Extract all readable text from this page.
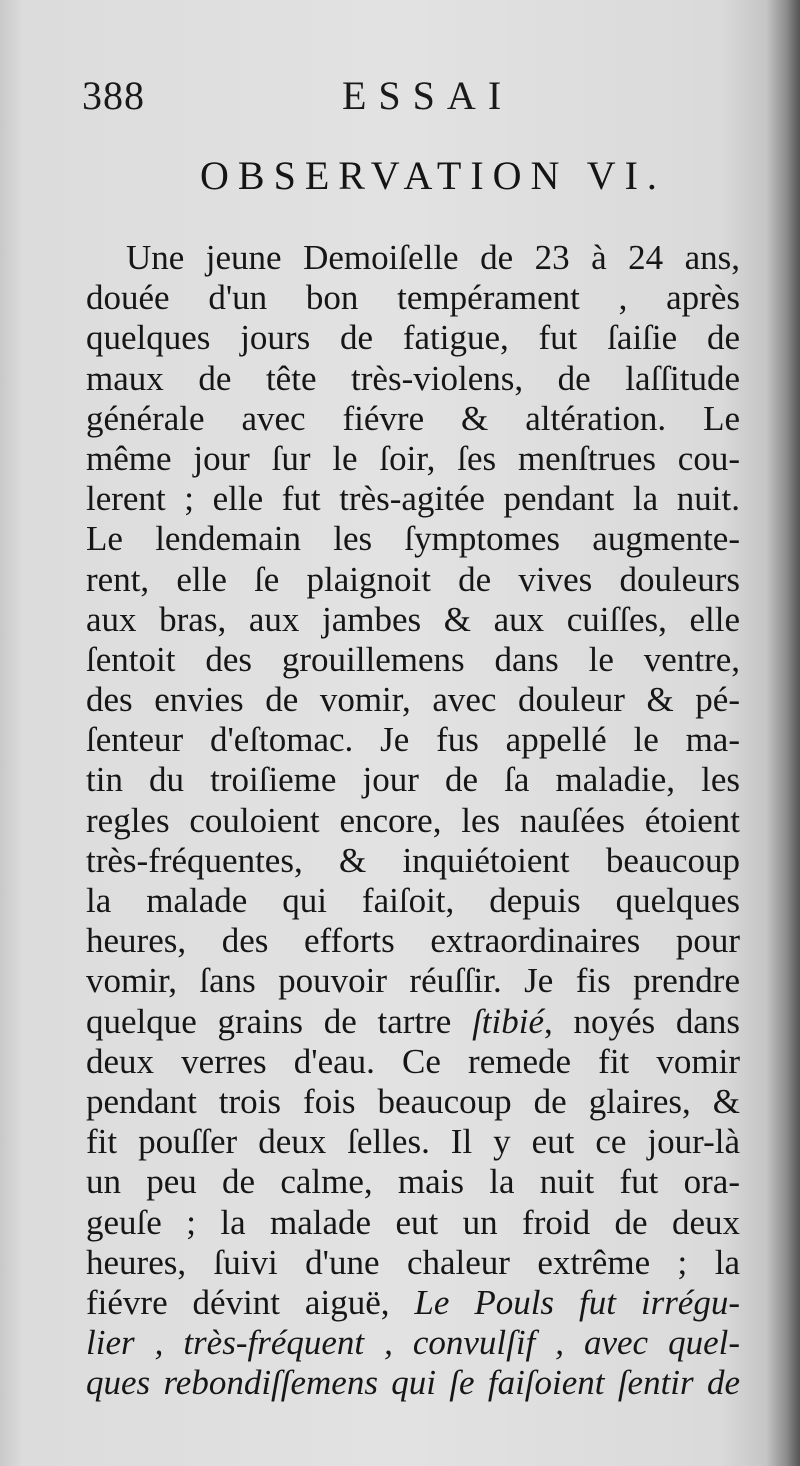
388	ESSAI
OBSERVATION VI.
Une jeune Demoiſelle de 23 à 24 ans,
douée d'un bon tempérament , après
quelques jours de fatigue, fut ſaiſie de
maux de tête très-violens, de laſſitude
générale avec fiévre & altération. Le
même jour ſur le ſoir, ſes menſtrues cou-
lerent ; elle fut très-agitée pendant la nuit.
Le lendemain les ſymptomes augmente-
rent, elle ſe plaignoit de vives douleurs
aux bras, aux jambes & aux cuiſſes, elle
ſentoit des grouillemens dans le ventre,
des envies de vomir, avec douleur & pé-
ſenteur d'eſtomac. Je fus appellé le ma-
tin du troiſieme jour de ſa maladie, les
regles couloient encore, les nauſées étoient
très-fréquentes, & inquiétoient beaucoup
la malade qui faiſoit, depuis quelques
heures, des efforts extraordinaires pour
vomir, ſans pouvoir réuſſir. Je fis prendre
quelque grains de tartre ſtibié, noyés dans
deux verres d'eau. Ce remede fit vomir
pendant trois fois beaucoup de glaires, &
fit pouſſer deux ſelles. Il y eut ce jour-là
un peu de calme, mais la nuit fut ora-
geuſe ; la malade eut un froid de deux
heures, ſuivi d'une chaleur extrême ; la
fiévre dévint aiguë, Le Pouls fut irrégu-
lier , très-fréquent , convulſif , avec quel-
ques rebondiſſemens qui ſe faiſoient ſentir de
